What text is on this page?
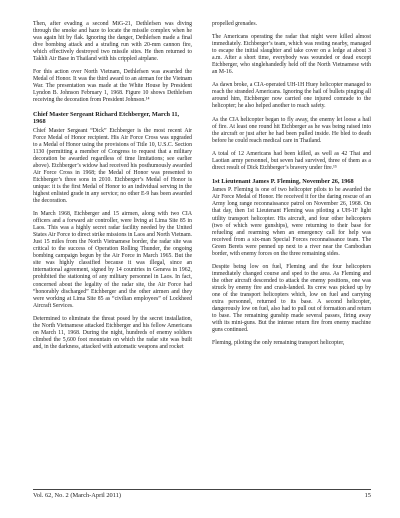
Then, after evading a second MiG-21, Dethlefsen was diving through the smoke and haze to locate the missile complex when he was again hit by flak. Ignoring the danger, Dethlefsen made a final dive bombing attack and a strafing run with 20-mm cannon fire, which effectively destroyed two missile sites. He then returned to Takhli Air Base in Thailand with his crippled airplane.

For this action over North Vietnam, Dethlefsen was awarded the Medal of Honor. It was the third award to an airman for the Vietnam War. The presentation was made at the White House by President Lyndon B. Johnson February 1, 1968. Figure 10 shows Dethlefsen receiving the decoration from President Johnson.¹⁴

Chief Master Sergeant Richard Etchberger, March 11, 1968

Chief Master Sergeant “Dick” Etchberger is the most recent Air Force Medal of Honor recipient. His Air Force Cross was upgraded to a Medal of Honor using the provisions of Title 10, U.S.C. Section 1130 (permitting a member of Congress to request that a military decoration be awarded regardless of time limitations; see earlier above). Etchberger’s widow had received his posthumously awarded Air Force Cross in 1968; the Medal of Honor was presented to Etchberger’s three sons in 2010. Etchberger’s Medal of Honor is unique: it is the first Medal of Honor to an individual serving in the highest enlisted grade in any service; no other E-9 has been awarded the decoration.

In March 1968, Etchberger and 15 airmen, along with two CIA officers and a forward air controller, were living at Lima Site 85 in Laos. This was a highly secret radar facility needed by the United States Air Force to direct strike missions in Laos and North Vietnam. Just 15 miles from the North Vietnamese border, the radar site was critical to the success of Operation Rolling Thunder, the ongoing bombing campaign begun by the Air Force in March 1965. But the site was highly classified because it was illegal, since an international agreement, signed by 14 countries in Geneva in 1962, prohibited the stationing of any military personnel in Laos. In fact, concerned about the legality of the radar site, the Air Force had “honorably discharged” Etchberger and the other airmen and they were working at Lima Site 85 as “civilian employees” of Lockheed Aircraft Services.

Determined to eliminate the threat posed by the secret installation, the North Vietnamese attacked Etchberger and his fellow Americans on March 11, 1968. During the night, hundreds of enemy soldiers climbed the 5,600 foot mountain on which the radar site was built and, in the darkness, attacked with automatic weapons and rocket

propelled grenades.

The Americans operating the radar that night were killed almost immediately. Etchberger’s team, which was resting nearby, managed to escape the initial slaughter and take cover on a ledge at about 3 a.m. After a short time, everybody was wounded or dead except Etchberger, who singlehandedly held off the North Vietnamese with an M-16.

As dawn broke, a CIA-operated UH-1H Huey helicopter managed to reach the stranded Americans. Ignoring the hail of bullets pinging all around him, Etchberger now carried one injured comrade to the helicopter; he also helped another to reach safety.

As the CIA helicopter began to fly away, the enemy let loose a hail of fire. At least one round hit Etchberger as he was being raised into the aircraft or just after he had been pulled inside. He bled to death before he could reach medical care in Thailand.

A total of 12 Americans had been killed, as well as 42 Thai and Laotian army personnel, but seven had survived, three of them as a direct result of Dick Etchberger’s bravery under fire.¹⁵

1st Lieutenant James P. Fleming, November 26, 1968

James P. Fleming is one of two helicopter pilots to be awarded the Air Force Medal of Honor. He received it for the daring rescue of an Army long range reconnaissance patrol on November 26, 1968. On that day, then 1st Lieutenant Fleming was piloting a UH-1F light utility transport helicopter. His aircraft, and four other helicopters (two of which were gunships), were returning to their base for refueling and rearming when an emergency call for help was received from a six-man Special Forces reconnaissance team. The Green Berets were penned up next to a river near the Cambodian border, with enemy forces on the three remaining sides.

Despite being low on fuel, Fleming and the four helicopters immediately changed course and sped to the area. As Fleming and the other aircraft descended to attack the enemy positions, one was struck by enemy fire and crash-landed. Its crew was picked up by one of the transport helicopters which, low on fuel and carrying extra personnel, returned to its base. A second helicopter, dangerously low on fuel, also had to pull out of formation and return to base. The remaining gunship made several passes, firing away with its mini-guns. But the intense return fire from enemy machine guns continued.

Fleming, piloting the only remaining transport helicopter,

Vol. 62, No. 2 (March-April 2011)	15
